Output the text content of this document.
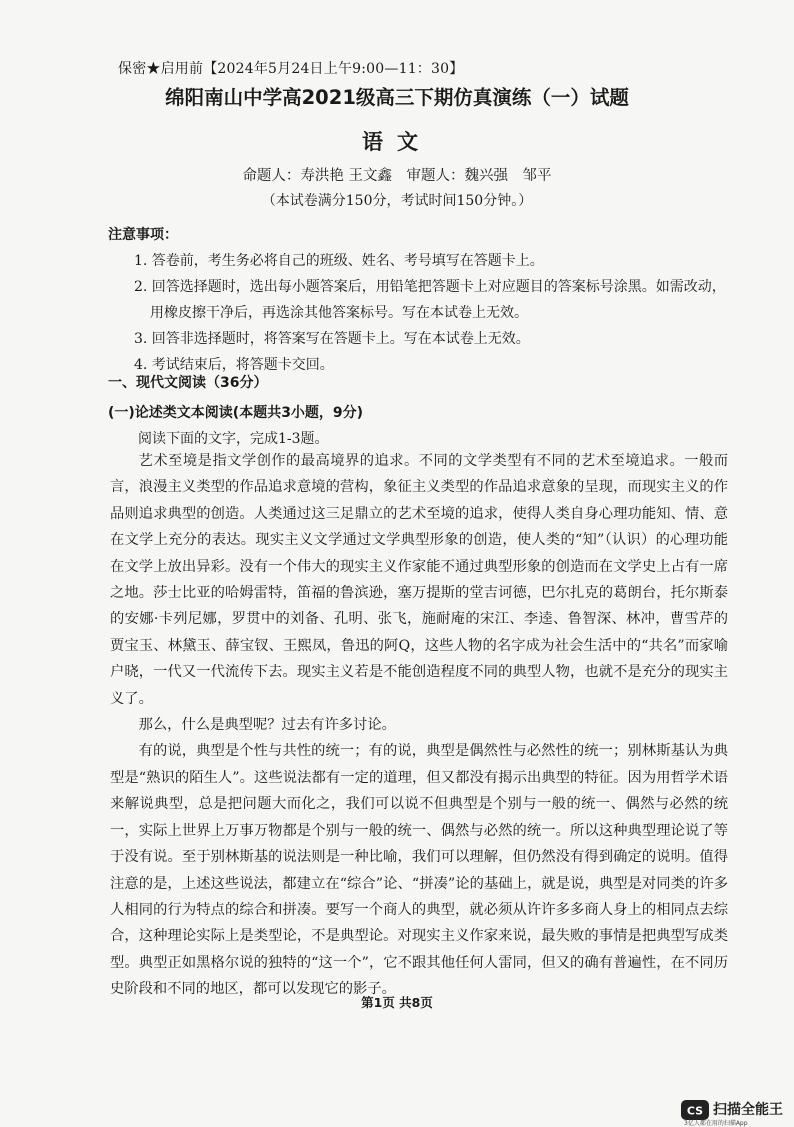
保密★启用前【2024年5月24日上午9:00—11：30】
绵阳南山中学高2021级高三下期仿真演练（一）试题
语文
命题人：寿洪艳 王文鑫　审题人：魏兴强　邹平
（本试卷满分150分，考试时间150分钟。）
注意事项：
1. 答卷前，考生务必将自己的班级、姓名、考号填写在答题卡上。
2. 回答选择题时，选出每小题答案后，用铅笔把答题卡上对应题目的答案标号涂黑。如需改动，
用橡皮擦干净后，再选涂其他答案标号。写在本试卷上无效。
3. 回答非选择题时，将答案写在答题卡上。写在本试卷上无效。
4. 考试结束后，将答题卡交回。
一、现代文阅读（36分）
(一)论述类文本阅读(本题共3小题，9分)
阅读下面的文字，完成1-3题。

艺术至境是指文学创作的最高境界的追求。不同的文学类型有不同的艺术至境追求。一般而言，浪漫主义类型的作品追求意境的营构，象征主义类型的作品追求意象的呈现，而现实主义的作品则追求典型的创造。人类通过这三足鼎立的艺术至境的追求，使得人类自身心理功能知、情、意在文学上充分的表达。现实主义文学通过文学典型形象的创造，使人类的“知”（认识）的心理功能在文学上放出异彩。没有一个伟大的现实主义作家能不通过典型形象的创造而在文学史上占有一席之地。莎士比亚的哈姆雷特，笛福的鲁滨逊，塞万提斯的堂吉诃德，巴尔扎克的葛朗台，托尔斯泰的安娜·卡列尼娜，罗贯中的刘备、孔明、张飞，施耐庵的宋江、李逵、鲁智深、林冲，曹雪芹的贾宝玉、林黛玉、薛宝钗、王熙凤，鲁迅的阿Q，这些人物的名字成为社会生活中的“共名”而家喻户晓，一代又一代流传下去。现实主义若是不能创造程度不同的典型人物，也就不是充分的现实主义了。

那么，什么是典型呢？过去有许多讨论。

有的说，典型是个性与共性的统一；有的说，典型是偶然性与必然性的统一；别林斯基认为典型是“熟识的陌生人”。这些说法都有一定的道理，但又都没有揭示出典型的特征。因为用哲学术语来解说典型，总是把问题大而化之，我们可以说不但典型是个别与一般的统一、偶然与必然的统一，实际上世界上万事万物都是个别与一般的统一、偶然与必然的统一。所以这种典型理论说了等于没有说。至于别林斯基的说法则是一种比喻，我们可以理解，但仍然没有得到确定的说明。值得注意的是，上述这些说法，都建立在“综合”论、“拼凑”论的基础上，就是说，典型是对同类的许多人相同的行为特点的综合和拼凑。要写一个商人的典型，就必须从许许多多商人身上的相同点去综合，这种理论实际上是类型论，不是典型论。对现实主义作家来说，最失败的事情是把典型写成类型。典型正如黑格尔说的独特的“这一个”，它不跟其他任何人雷同，但又的确有普遍性，在不同历史阶段和不同的地区，都可以发现它的影子。

第1页 共8页
CS 扫描全能王
3亿人都在用的扫描App
